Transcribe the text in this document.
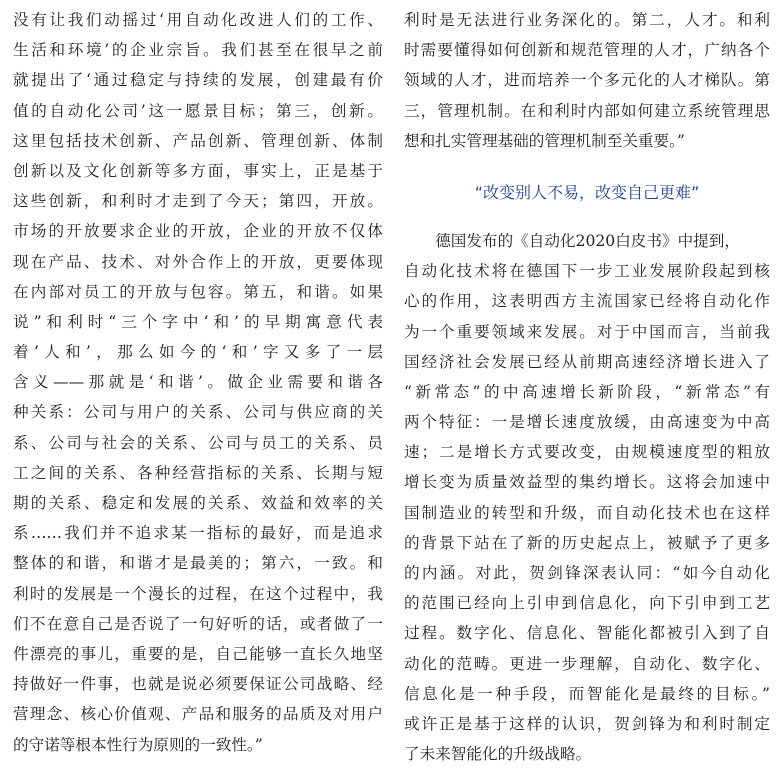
没有让我们动摇过‘用自动化改进人们的工作、
生活和环境’的企业宗旨。我们甚至在很早之前
就提出了‘通过稳定与持续的发展，创建最有价
值的自动化公司’这一愿景目标；第三，创新。
这里包括技术创新、产品创新、管理创新、体制
创新以及文化创新等多方面，事实上，正是基于
这些创新，和利时才走到了今天；第四，开放。
市场的开放要求企业的开放，企业的开放不仅体
现在产品、技术、对外合作上的开放，更要体现
在内部对员工的开放与包容。第五，和谐。如果
说”和利时“三个字中‘和’的早期寓意代表
着‘人和’，那么如今的‘和’字又多了一层
含义——那就是‘和谐’。做企业需要和谐各
种关系：公司与用户的关系、公司与供应商的关
系、公司与社会的关系、公司与员工的关系、员
工之间的关系、各种经营指标的关系、长期与短
期的关系、稳定和发展的关系、效益和效率的关
系……我们并不追求某一指标的最好，而是追求
整体的和谐，和谐才是最美的；第六，一致。和
利时的发展是一个漫长的过程，在这个过程中，我
们不在意自己是否说了一句好听的话，或者做了一
件漂亮的事儿，重要的是，自己能够一直长久地坚
持做好一件事，也就是说必须要保证公司战略、经
营理念、核心价值观、产品和服务的品质及对用户
的守诺等根本性行为原则的一致性。”
利时是无法进行业务深化的。第二，人才。和利
时需要懂得如何创新和规范管理的人才，广纳各个
领域的人才，进而培养一个多元化的人才梯队。第
三，管理机制。在和利时内部如何建立系统管理思
想和扎实管理基础的管理机制至关重要。”
“改变别人不易，改变自己更难”
德国发布的《自动化2020白皮书》中提到，
自动化技术将在德国下一步工业发展阶段起到核
心的作用，这表明西方主流国家已经将自动化作
为一个重要领域来发展。对于中国而言，当前我
国经济社会发展已经从前期高速经济增长进入了
“新常态”的中高速增长新阶段，“新常态”有
两个特征：一是增长速度放缓，由高速变为中高
速；二是增长方式要改变，由规模速度型的粗放
增长变为质量效益型的集约增长。这将会加速中
国制造业的转型和升级，而自动化技术也在这样
的背景下站在了新的历史起点上，被赋予了更多
的内涵。对此，贺剑锋深表认同：“如今自动化
的范围已经向上引申到信息化，向下引申到工艺
过程。数字化、信息化、智能化都被引入到了自
动化的范畴。更进一步理解，自动化、数字化、
信息化是一种手段，而智能化是最终的目标。”
或许正是基于这样的认识，贺剑锋为和利时制定
了未来智能化的升级战略。
